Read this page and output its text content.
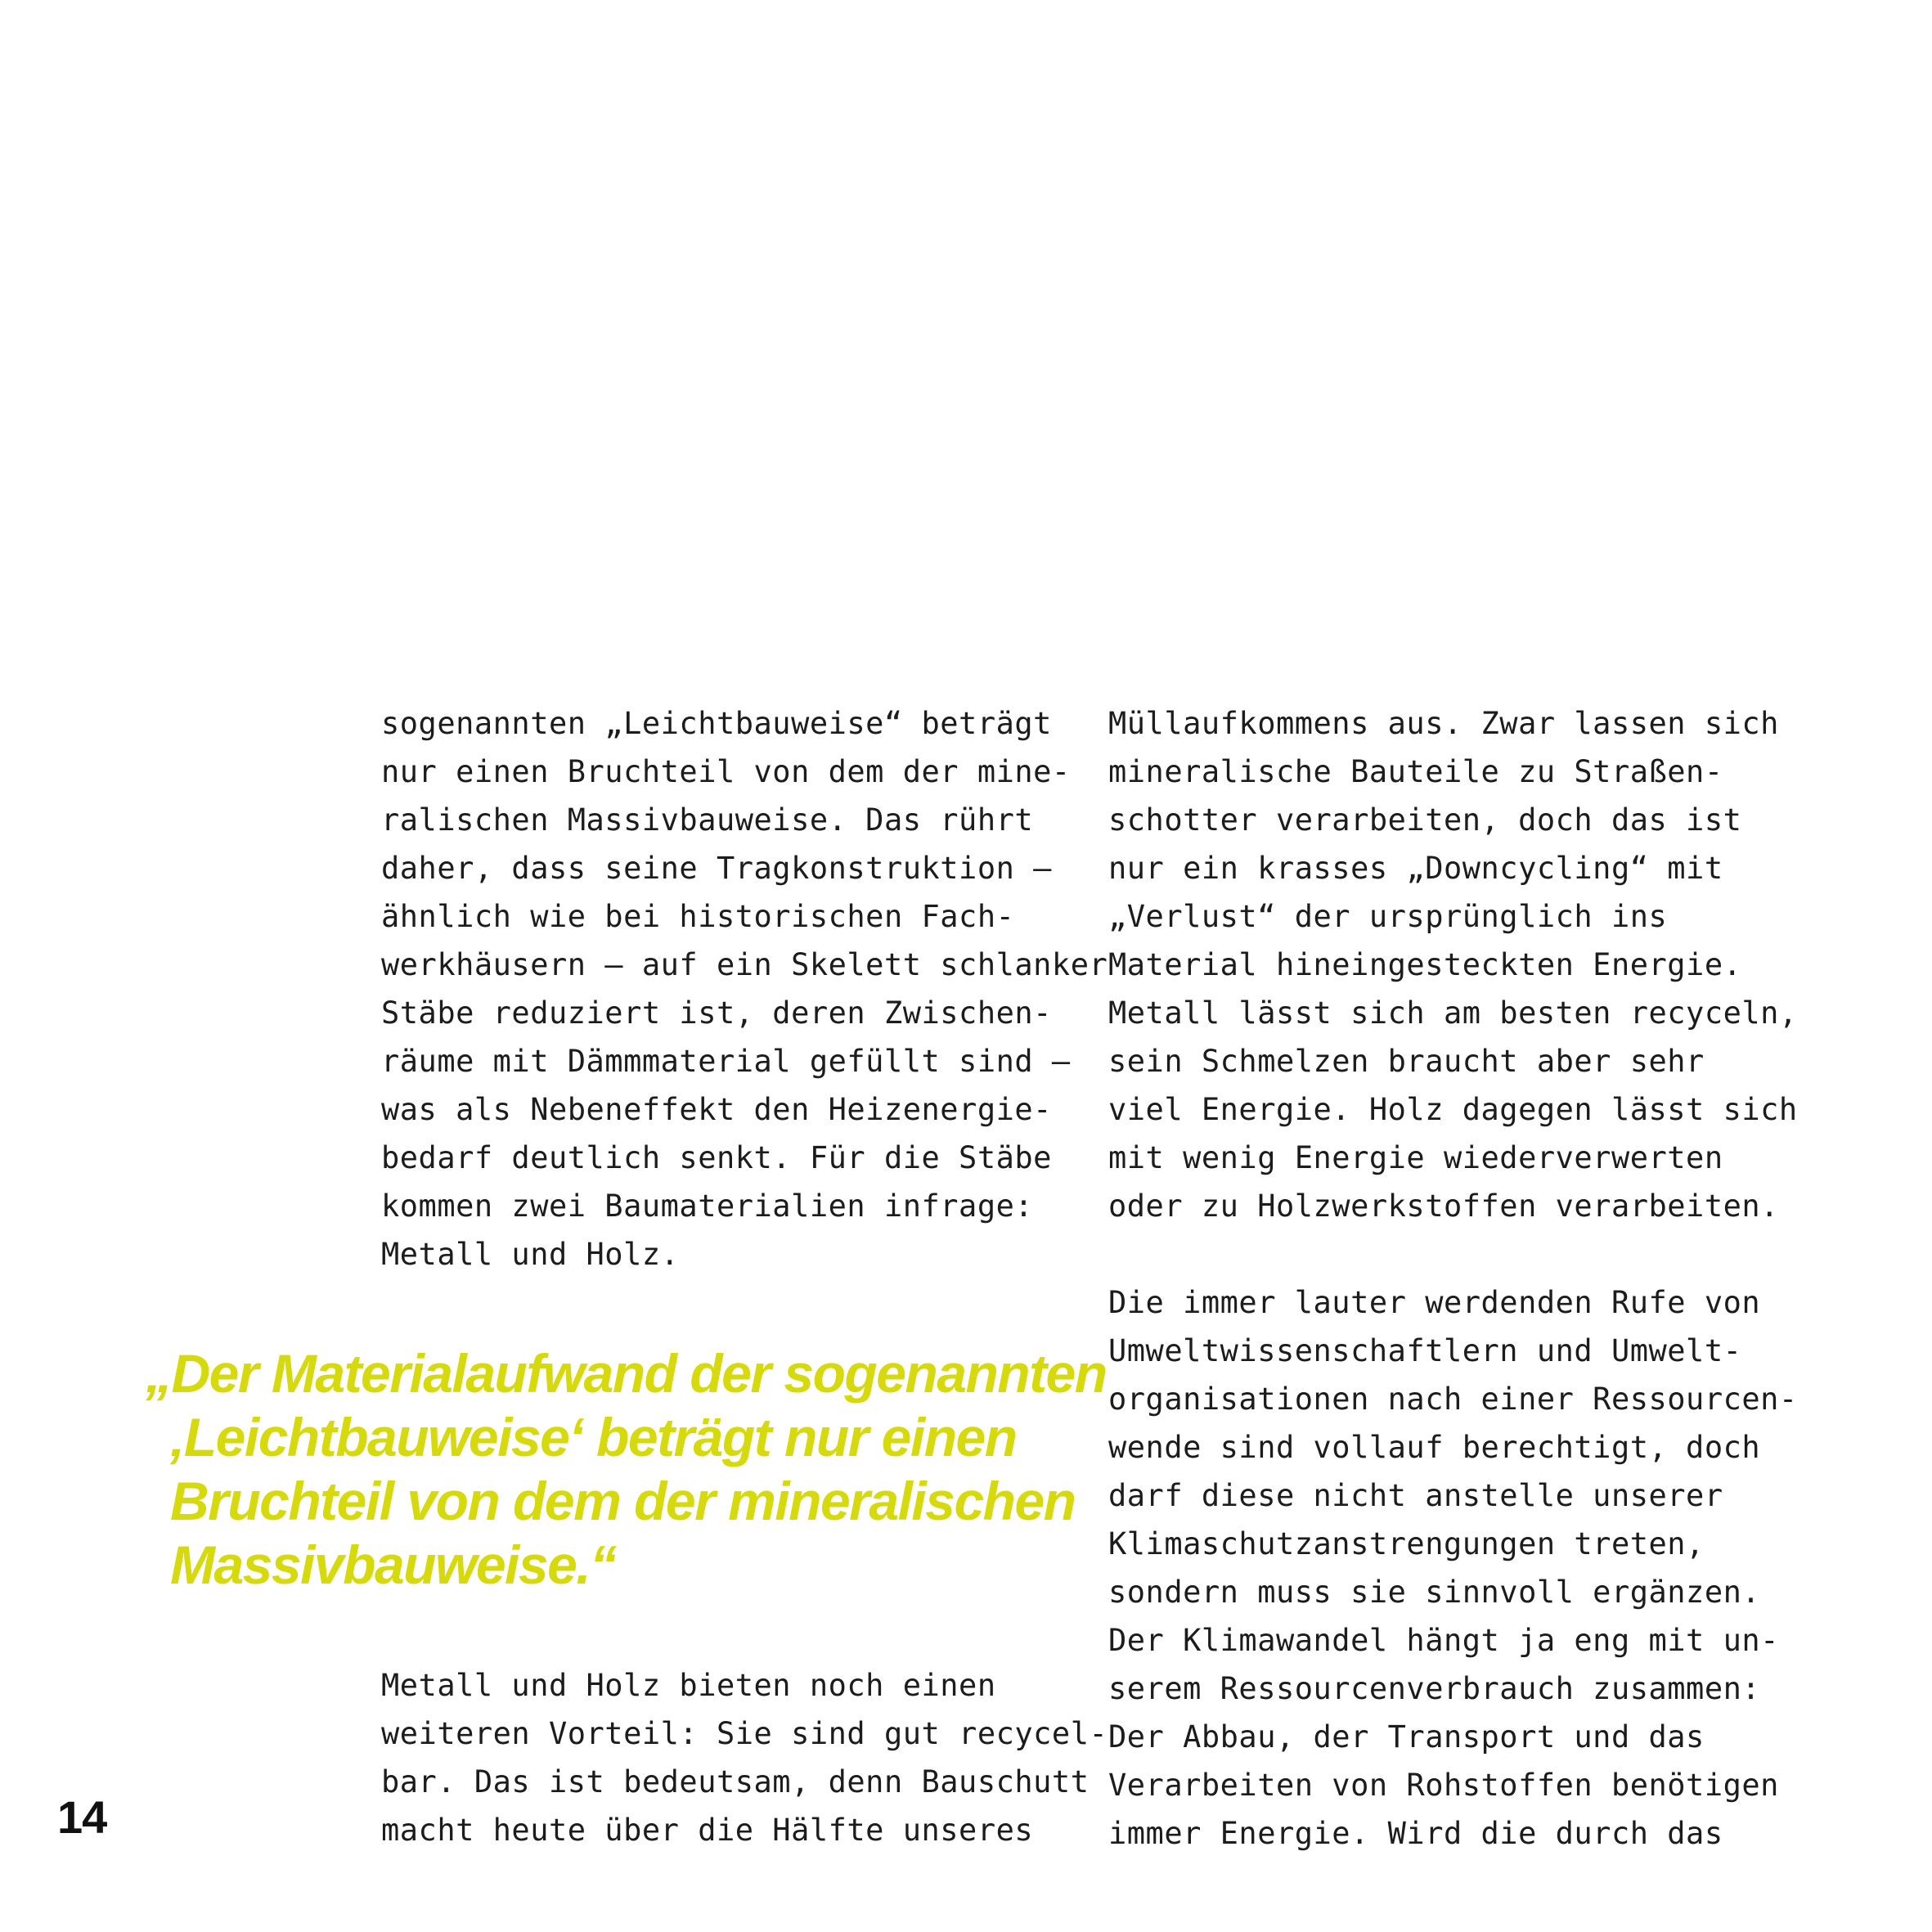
sogenannten „Leichtbauweise“ beträgt
nur einen Bruchteil von dem der mine-
ralischen Massivbauweise. Das rührt
daher, dass seine Tragkonstruktion –
ähnlich wie bei historischen Fach-
werkhäusern – auf ein Skelett schlanker
Stäbe reduziert ist, deren Zwischen-
räume mit Dämmmaterial gefüllt sind –
was als Nebeneffekt den Heizenergie-
bedarf deutlich senkt. Für die Stäbe
kommen zwei Baumaterialien infrage:
Metall und Holz.
„Der Materialaufwand der sogenannten
‚Leichtbauweise‘ beträgt nur einen
Bruchteil von dem der mineralischen
Massivbauweise.“
Metall und Holz bieten noch einen
weiteren Vorteil: Sie sind gut recycel-
bar. Das ist bedeutsam, denn Bauschutt
macht heute über die Hälfte unseres
Müllaufkommens aus. Zwar lassen sich
mineralische Bauteile zu Straßen-
schotter verarbeiten, doch das ist
nur ein krasses „Downcycling“ mit
„Verlust“ der ursprünglich ins
Material hineingesteckten Energie.
Metall lässt sich am besten recyceln,
sein Schmelzen braucht aber sehr
viel Energie. Holz dagegen lässt sich
mit wenig Energie wiederverwerten
oder zu Holzwerkstoffen verarbeiten.
Die immer lauter werdenden Rufe von
Umweltwissenschaftlern und Umwelt-
organisationen nach einer Ressourcen-
wende sind vollauf berechtigt, doch
darf diese nicht anstelle unserer
Klimaschutzanstrengungen treten,
sondern muss sie sinnvoll ergänzen.
Der Klimawandel hängt ja eng mit un-
serem Ressourcenverbrauch zusammen:
Der Abbau, der Transport und das
Verarbeiten von Rohstoffen benötigen
immer Energie. Wird die durch das
14
